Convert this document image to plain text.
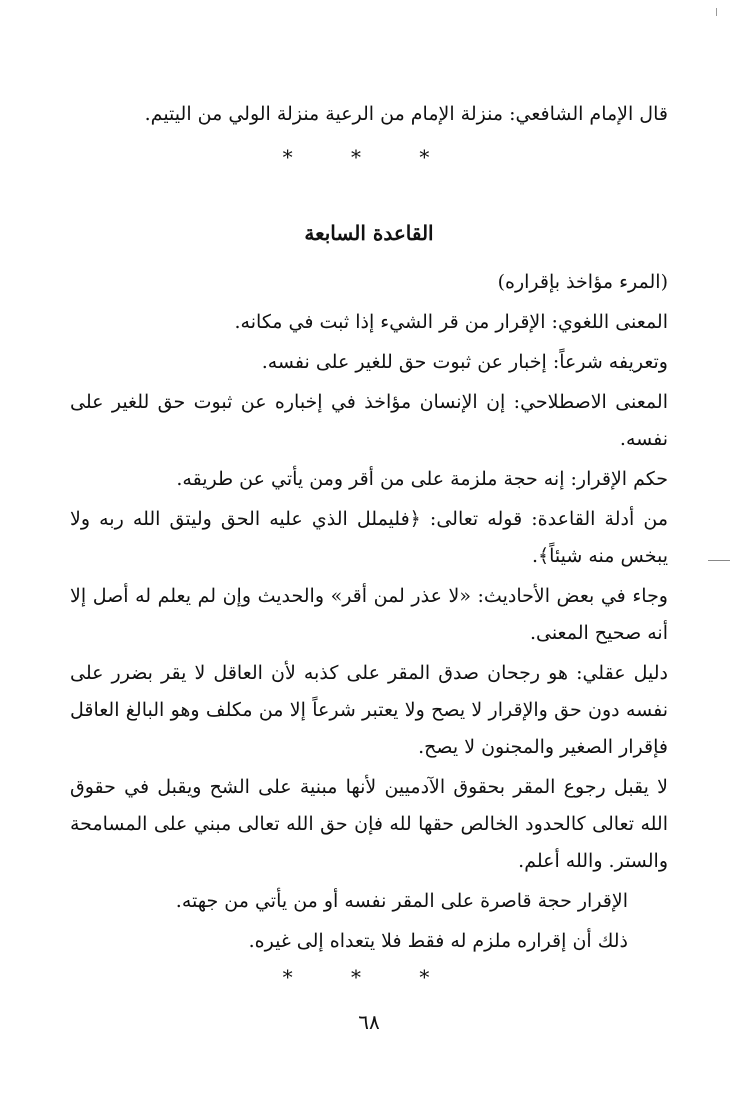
قال الإمام الشافعي: منزلة الإمام من الرعية منزلة الولي من اليتيم.

* * *

القاعدة السابعة

(المرء مؤاخذ بإقراره)

المعنى اللغوي: الإقرار من قر الشيء إذا ثبت في مكانه.

وتعريفه شرعاً: إخبار عن ثبوت حق للغير على نفسه.

المعنى الاصطلاحي: إن الإنسان مؤاخذ في إخباره عن ثبوت حق للغير على نفسه.

حكم الإقرار: إنه حجة ملزمة على من أقر ومن يأتي عن طريقه.

من أدلة القاعدة: قوله تعالى: ﴿فليملل الذي عليه الحق وليتق الله ربه ولا يبخس منه شيئاً﴾.

وجاء في بعض الأحاديث: «لا عذر لمن أقر» والحديث وإن لم يعلم له أصل إلا أنه صحيح المعنى.

دليل عقلي: هو رجحان صدق المقر على كذبه لأن العاقل لا يقر بضرر على نفسه دون حق والإقرار لا يصح ولا يعتبر شرعاً إلا من مكلف وهو البالغ العاقل فإقرار الصغير والمجنون لا يصح.

لا يقبل رجوع المقر بحقوق الآدميين لأنها مبنية على الشح ويقبل في حقوق الله تعالى كالحدود الخالص حقها لله فإن حق الله تعالى مبني على المسامحة والستر. والله أعلم.

الإقرار حجة قاصرة على المقر نفسه أو من يأتي من جهته.

ذلك أن إقراره ملزم له فقط فلا يتعداه إلى غيره.

* * *

٦٨
